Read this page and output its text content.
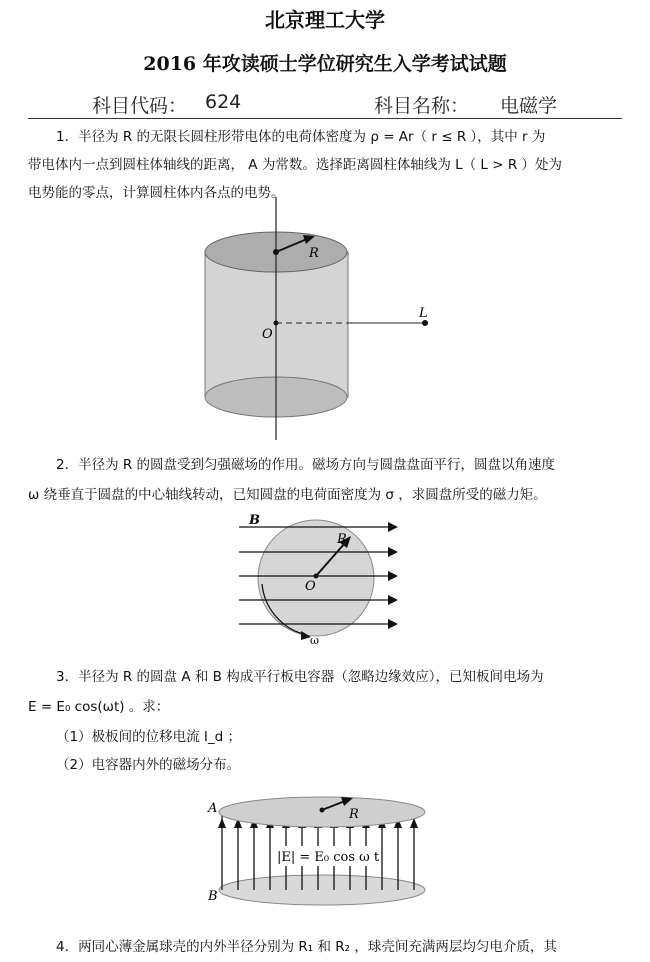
北京理工大学
2016 年攻读硕士学位研究生入学考试试题
科目代码： 624	科目名称： 电磁学
1．半径为 R 的无限长圆柱形带电体的电荷体密度为 ρ = Ar（ r ≤ R ），其中 r 为
带电体内一点到圆柱体轴线的距离， A 为常数。选择距离圆柱体轴线为 L（ L > R ）处为
电势能的零点，计算圆柱体内各点的电势。
R
L
O
2．半径为 R 的圆盘受到匀强磁场的作用。磁场方向与圆盘盘面平行，圆盘以角速度
ω 绕垂直于圆盘的中心轴线转动，已知圆盘的电荷面密度为 σ ，求圆盘所受的磁力矩。
B
R
O
ω
3．半径为 R 的圆盘 A 和 B 构成平行板电容器（忽略边缘效应），已知板间电场为
E = E₀ cos(ωt) 。求：
（1）极板间的位移电流 I_d ；
（2）电容器内外的磁场分布。
R
A
B
|E| = E₀ cos ω t
4．两同心薄金属球壳的内外半径分别为 R₁ 和 R₂ ，球壳间充满两层均匀电介质，其
